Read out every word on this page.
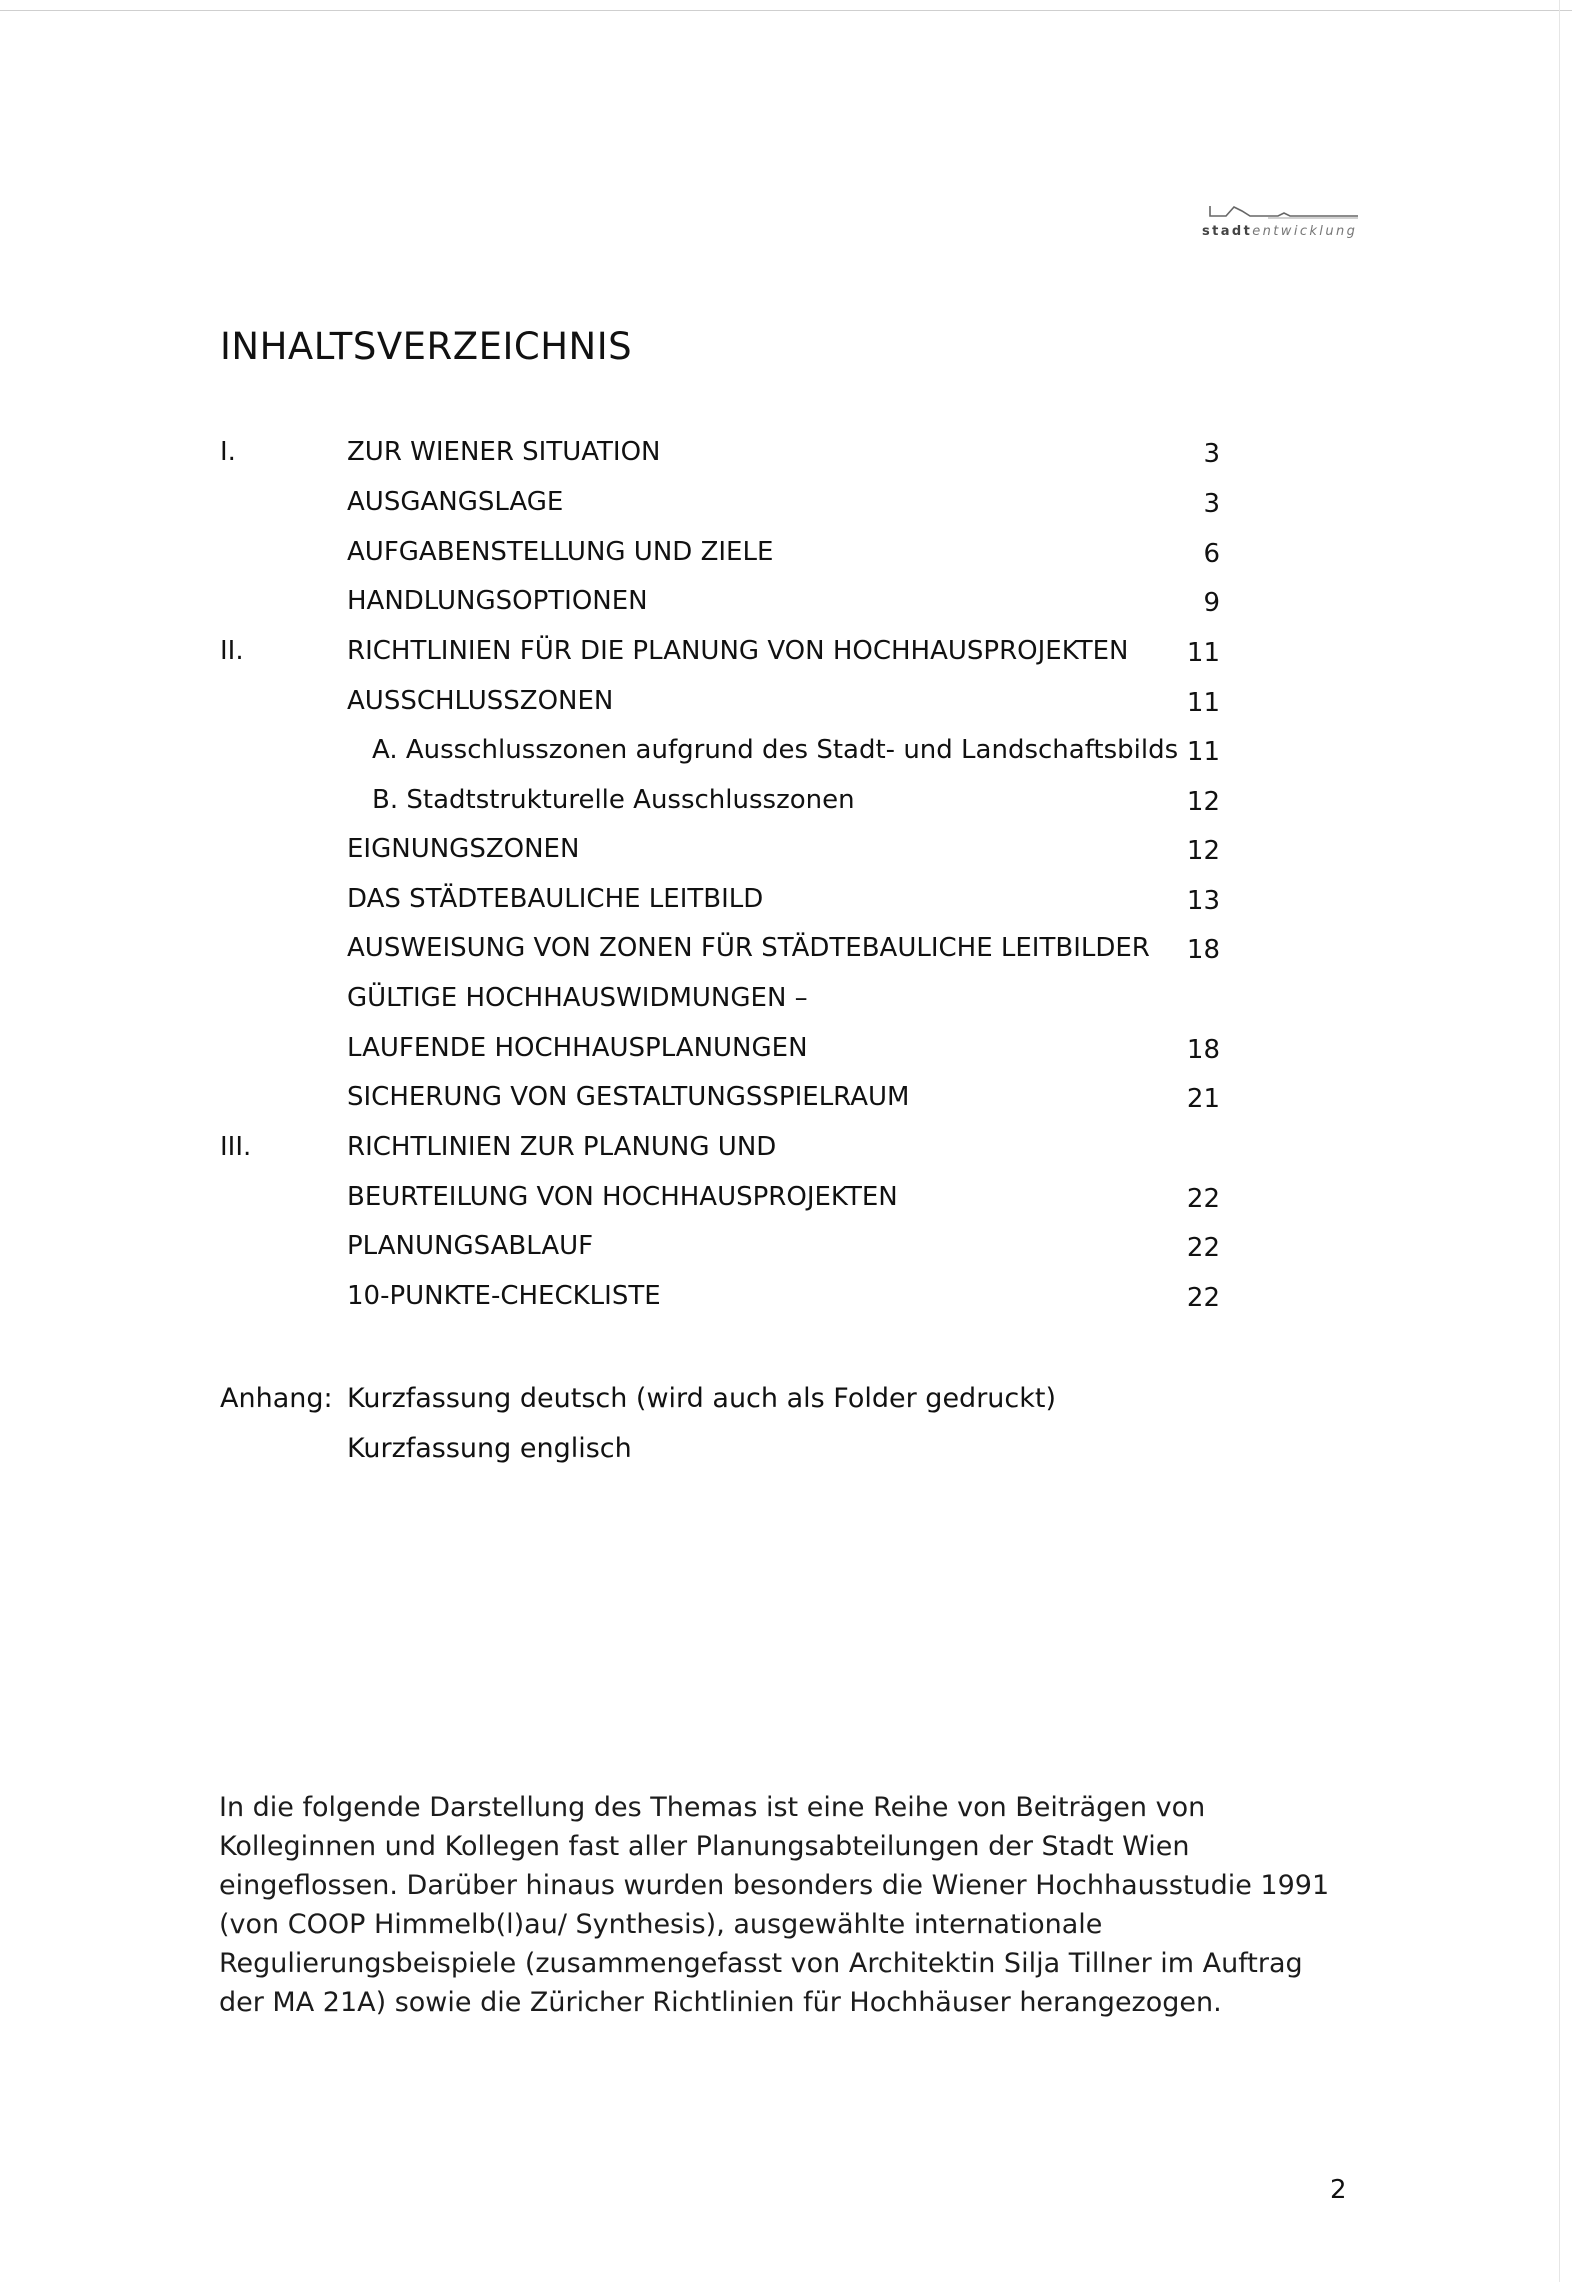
stadtentwicklung
INHALTSVERZEICHNIS
I.	ZUR WIENER SITUATION	3
AUSGANGSLAGE	3
AUFGABENSTELLUNG UND ZIELE	6
HANDLUNGSOPTIONEN	9
II.	RICHTLINIEN FÜR DIE PLANUNG VON HOCHHAUSPROJEKTEN 11
AUSSCHLUSSZONEN	11
A. Ausschlusszonen aufgrund des Stadt- und Landschaftsbilds 11
B. Stadtstrukturelle Ausschlusszonen	12
EIGNUNGSZONEN	12
DAS STÄDTEBAULICHE LEITBILD	13
AUSWEISUNG VON ZONEN FÜR STÄDTEBAULICHE LEITBILDER 18
GÜLTIGE HOCHHAUSWIDMUNGEN –
LAUFENDE HOCHHAUSPLANUNGEN	18
SICHERUNG VON GESTALTUNGSSPIELRAUM	21
III.	RICHTLINIEN ZUR PLANUNG UND
BEURTEILUNG VON HOCHHAUSPROJEKTEN	22
PLANUNGSABLAUF	22
10-PUNKTE-CHECKLISTE	22
Anhang: Kurzfassung deutsch (wird auch als Folder gedruckt)
Kurzfassung englisch

In die folgende Darstellung des Themas ist eine Reihe von Beiträgen von Kolleginnen und Kollegen fast aller Planungsabteilungen der Stadt Wien eingeflossen. Darüber hinaus wurden besonders die Wiener Hochhausstudie 1991 (von COOP Himmelb(l)au/ Synthesis), ausgewählte internationale Regulierungsbeispiele (zusammengefasst von Architektin Silja Tillner im Auftrag der MA 21A) sowie die Züricher Richtlinien für Hochhäuser herangezogen.

2
